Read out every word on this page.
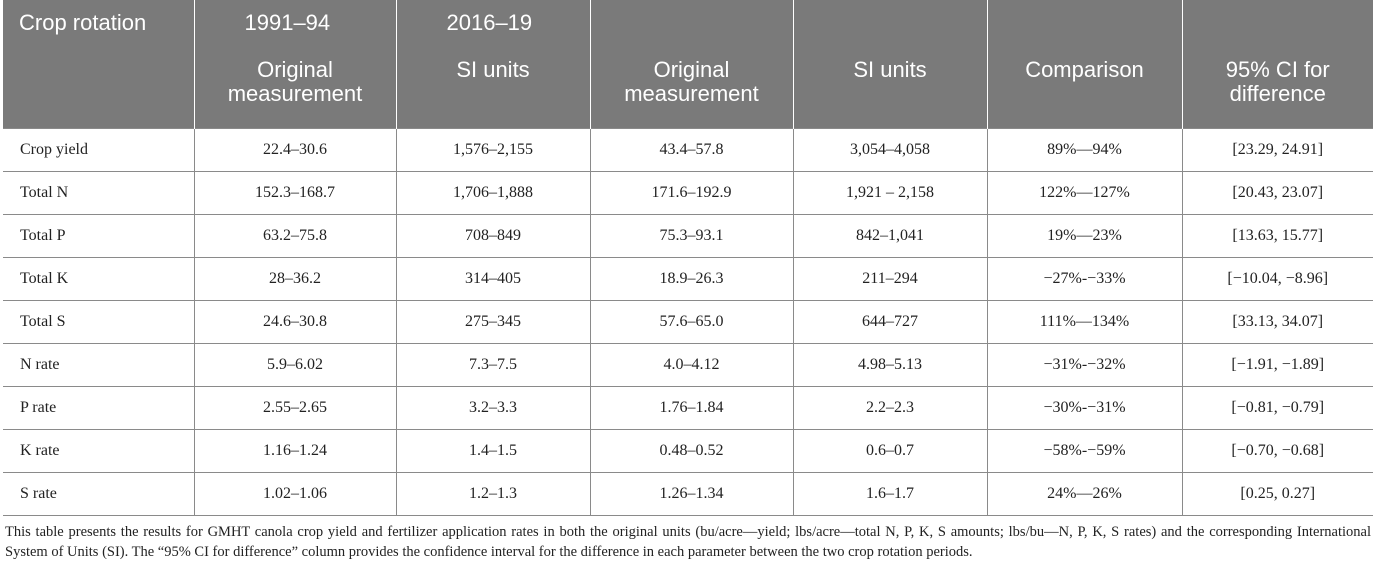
Crop rotation	1991–94	2016–19				
	Original measurement	SI units	Original measurement	SI units	Comparison	95% CI for difference
Crop yield	22.4–30.6	1,576–2,155	43.4–57.8	3,054–4,058	89%—94%	[23.29, 24.91]
Total N	152.3–168.7	1,706–1,888	171.6–192.9	1,921 – 2,158	122%—127%	[20.43, 23.07]
Total P	63.2–75.8	708–849	75.3–93.1	842–1,041	19%—23%	[13.63, 15.77]
Total K	28–36.2	314–405	18.9–26.3	211–294	−27%-−33%	[−10.04, −8.96]
Total S	24.6–30.8	275–345	57.6–65.0	644–727	111%—134%	[33.13, 34.07]
N rate	5.9–6.02	7.3–7.5	4.0–4.12	4.98–5.13	−31%-−32%	[−1.91, −1.89]
P rate	2.55–2.65	3.2–3.3	1.76–1.84	2.2–2.3	−30%-−31%	[−0.81, −0.79]
K rate	1.16–1.24	1.4–1.5	0.48–0.52	0.6–0.7	−58%-−59%	[−0.70, −0.68]
S rate	1.02–1.06	1.2–1.3	1.26–1.34	1.6–1.7	24%—26%	[0.25, 0.27]
This table presents the results for GMHT canola crop yield and fertilizer application rates in both the original units (bu/acre—yield; lbs/acre—total N, P, K, S amounts; lbs/bu—N, P, K, S rates) and the corresponding International System of Units (SI). The “95% CI for difference” column provides the confidence interval for the difference in each parameter between the two crop rotation periods.
